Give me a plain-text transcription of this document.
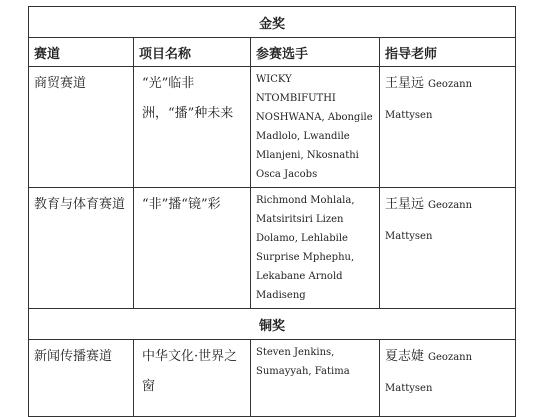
金奖			
赛道	项目名称	参赛选手	指导老师
商贸赛道	“光”临非洲，“播”种未来	WICKY NTOMBIFUTHI NOSHWANA, Abongile Madlolo, Lwandile Mlanjeni, Nkosnathi Osca Jacobs	王星远 Geozann Mattysen
教育与体育赛道	“非”播“镜”彩	Richmond Mohlala, Matsiritsiri Lizen Dolamo, Lehlabile Surprise Mphephu, Lekabane Arnold Madiseng	王星远 Geozann Mattysen
铜奖			
新闻传播赛道	中华文化·世界之窗	Steven Jenkins, Sumayyah, Fatima	夏志婕 Geozann Mattysen
